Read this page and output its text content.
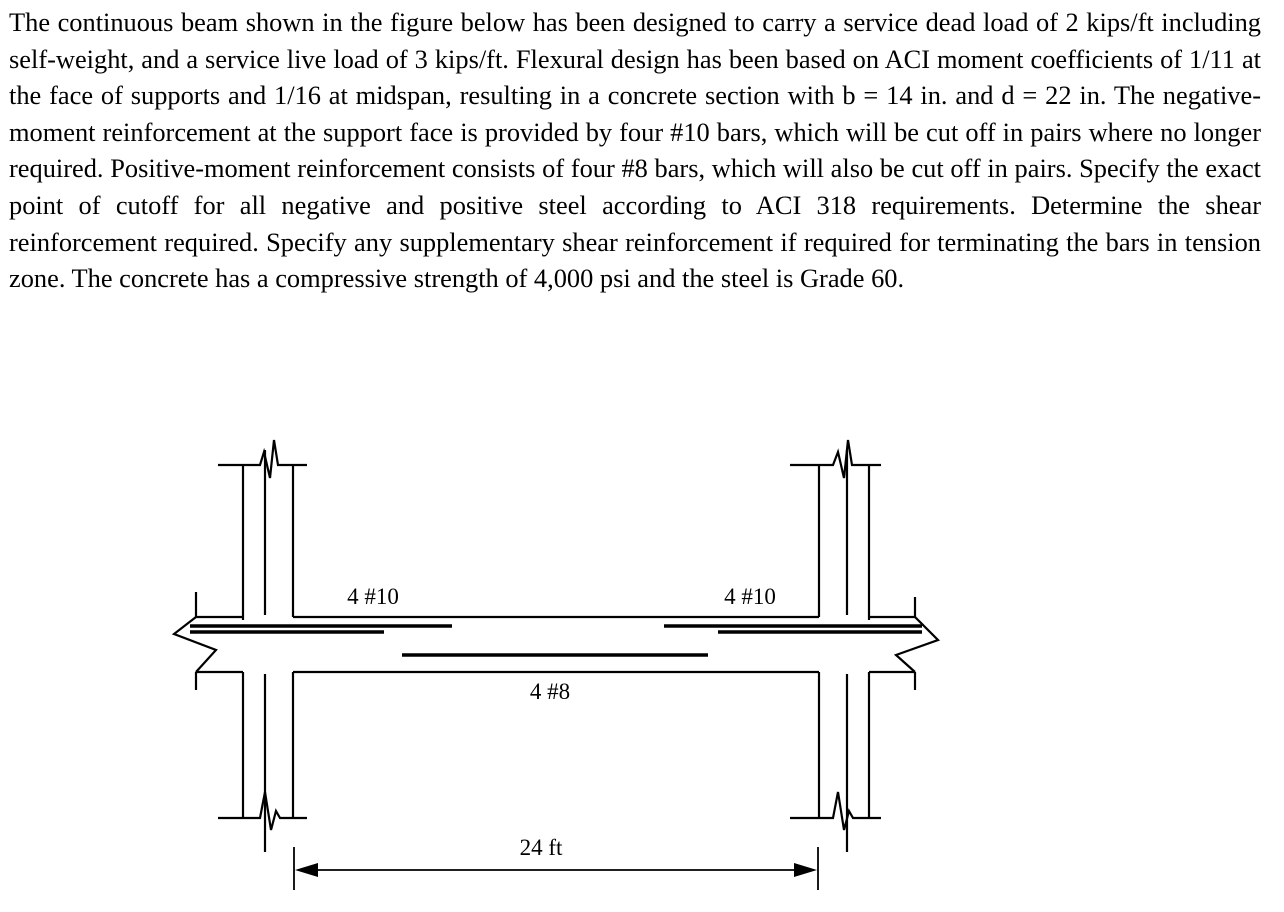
The continuous beam shown in the figure below has been designed to carry a service dead load of 2 kips/ft including self-weight, and a service live load of 3 kips/ft. Flexural design has been based on ACI moment coefficients of 1/11 at the face of supports and 1/16 at midspan, resulting in a concrete section with b = 14 in. and d = 22 in. The negative-moment reinforcement at the support face is provided by four #10 bars, which will be cut off in pairs where no longer required. Positive-moment reinforcement consists of four #8 bars, which will also be cut off in pairs. Specify the exact point of cutoff for all negative and positive steel according to ACI 318 requirements. Determine the shear reinforcement required. Specify any supplementary shear reinforcement if required for terminating the bars in tension zone. The concrete has a compressive strength of 4,000 psi and the steel is Grade 60.

4 #10	4 #10
4 #8
24 ft
